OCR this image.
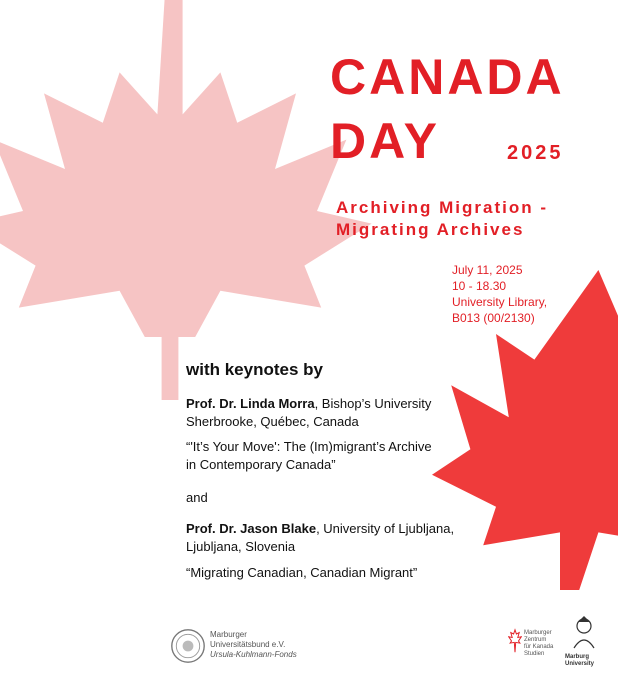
CANADA
DAY	2025
Archiving Migration -
Migrating Archives
July 11, 2025
10 - 18.30
University Library,
B013 (00/2130)
with keynotes by
Prof. Dr. Linda Morra, Bishop’s University
Sherbrooke, Québec, Canada
“'It’s Your Move': The (Im)migrant’s Archive
in Contemporary Canada”
and
Prof. Dr. Jason Blake, University of Ljubljana,
Ljubljana, Slovenia
“Migrating Canadian, Canadian Migrant”
Marburger
Universitätsbund e.V.
Ursula-Kuhlmann-Fonds
Marburger
Zentrum
für Kanada
Studien	Marburg
University
